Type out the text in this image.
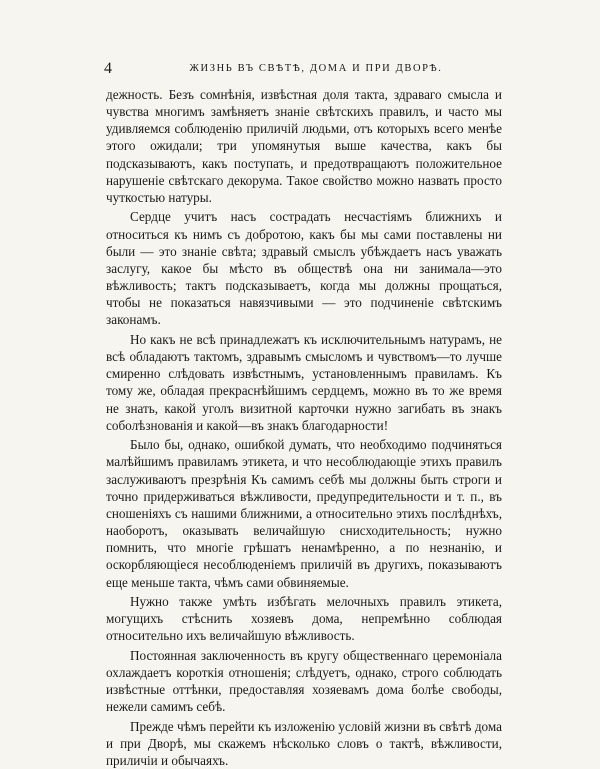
4	ЖИЗНЬ ВЪ СВѢТѢ, ДОМА И ПРИ ДВОРѢ.

дежность. Безъ сомнѣнія, извѣстная доля такта, здраваго смысла и чувства многимъ замѣняетъ знаніе свѣтскихъ правилъ, и часто мы удивляемся соблюденію приличій людьми, отъ которыхъ всего менѣе этого ожидали; три упомянутыя выше качества, какъ бы подсказываютъ, какъ поступать, и предотвращаютъ положительное нарушеніе свѣтскаго декорума. Такое свойство можно назвать просто чуткостью натуры.

Сердце учитъ насъ сострадать несчастіямъ ближнихъ и относиться къ нимъ съ добротою, какъ бы мы сами поставлены ни были — это знаніе свѣта; здравый смыслъ убѣждаетъ насъ уважать заслугу, какое бы мѣсто въ обществѣ она ни занимала—это вѣжливость; тактъ подсказываетъ, когда мы должны прощаться, чтобы не показаться навязчивыми — это подчиненіе свѣтскимъ законамъ.

Но какъ не всѣ принадлежатъ къ исключительнымъ натурамъ, не всѣ обладаютъ тактомъ, здравымъ смысломъ и чувствомъ—то лучше смиренно слѣдовать извѣстнымъ, установленнымъ правиламъ. Къ тому же, обладая прекраснѣйшимъ сердцемъ, можно въ то же время не знать, какой уголъ визитной карточки нужно загибать въ знакъ соболѣзнованія и какой—въ знакъ благодарности!

Было бы, однако, ошибкой думать, что необходимо подчиняться малѣйшимъ правиламъ этикета, и что несоблюдающіе этихъ правилъ заслуживаютъ презрѣнія Къ самимъ себѣ мы должны быть строги и точно придерживаться вѣжливости, предупредительности и т. п., въ сношеніяхъ съ нашими ближними, а относительно этихъ послѣднѣхъ, наоборотъ, оказывать величайшую снисходительность; нужно помнить, что многіе грѣшатъ ненамѣренно, а по незнанію, и оскорбляющіеся несоблюденіемъ приличій въ другихъ, показываютъ еще меньше такта, чѣмъ сами обвиняемые.

Нужно также умѣть избѣгать мелочныхъ правилъ этикета, могущихъ стѣснить хозяевъ дома, непремѣнно соблюдая относительно ихъ величайшую вѣжливость.

Постоянная заключенность въ кругу общественнаго церемоніала охлаждаетъ короткія отношенія; слѣдуетъ, однако, строго соблюдать извѣстные оттѣнки, предоставляя хозяевамъ дома болѣе свободы, нежели самимъ себѣ.

Прежде чѣмъ перейти къ изложенію условій жизни въ свѣтѣ дома и при Дворѣ, мы скажемъ нѣсколько словъ о тактѣ, вѣжливости, приличіи и обычаяхъ.
